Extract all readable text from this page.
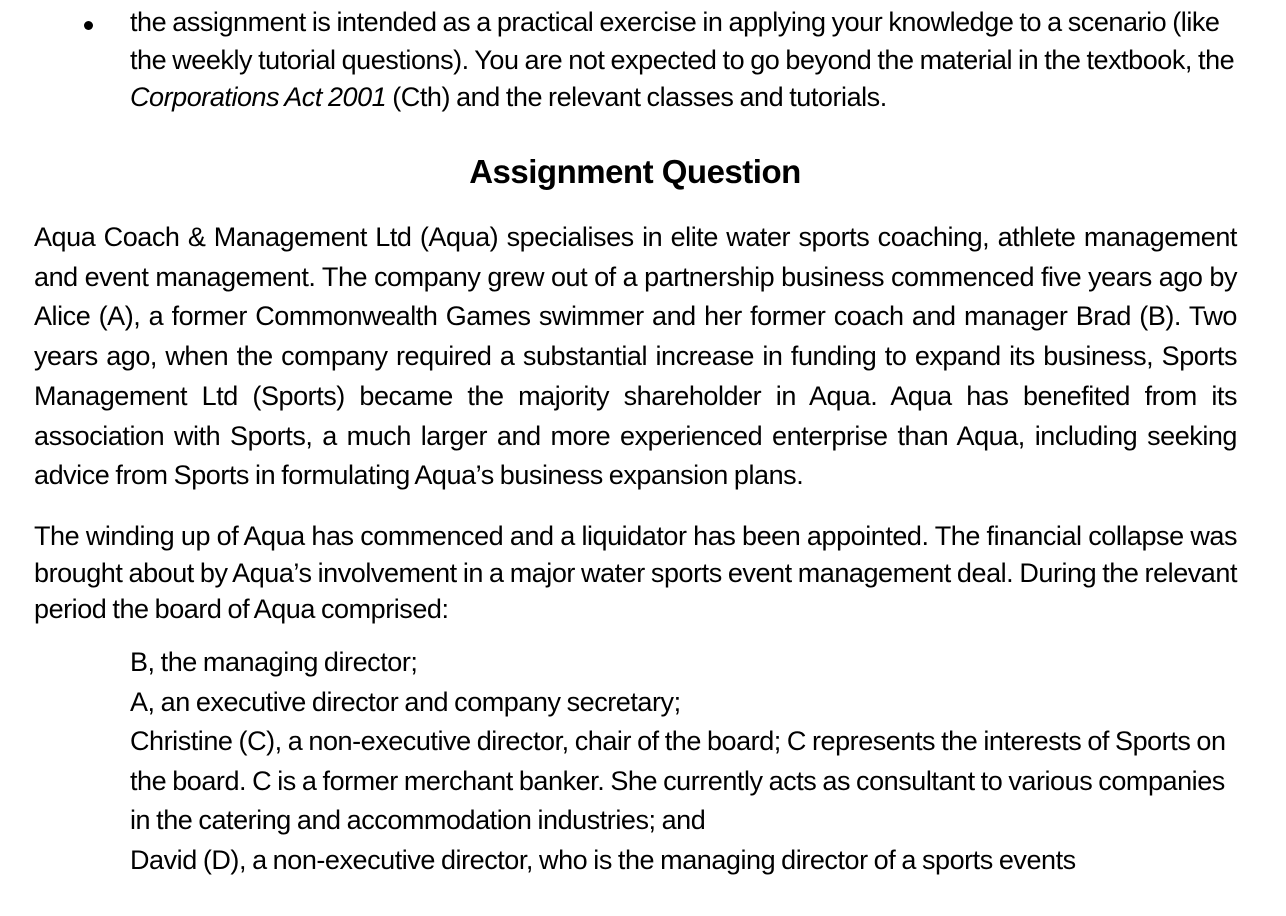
the assignment is intended as a practical exercise in applying your knowledge to a scenario (like the weekly tutorial questions). You are not expected to go beyond the material in the textbook, the Corporations Act 2001 (Cth) and the relevant classes and tutorials.
Assignment Question

Aqua Coach & Management Ltd (Aqua) specialises in elite water sports coaching, athlete management and event management. The company grew out of a partnership business commenced five years ago by Alice (A), a former Commonwealth Games swimmer and her former coach and manager Brad (B). Two years ago, when the company required a substantial increase in funding to expand its business, Sports Management Ltd (Sports) became the majority shareholder in Aqua. Aqua has benefited from its association with Sports, a much larger and more experienced enterprise than Aqua, including seeking advice from Sports in formulating Aqua’s business expansion plans.

The winding up of Aqua has commenced and a liquidator has been appointed. The financial collapse was brought about by Aqua’s involvement in a major water sports event management deal. During the relevant period the board of Aqua comprised:

B, the managing director;
A, an executive director and company secretary;
Christine (C), a non-executive director, chair of the board; C represents the interests of Sports on the board. C is a former merchant banker. She currently acts as consultant to various companies in the catering and accommodation industries; and
David (D), a non-executive director, who is the managing director of a sports events
